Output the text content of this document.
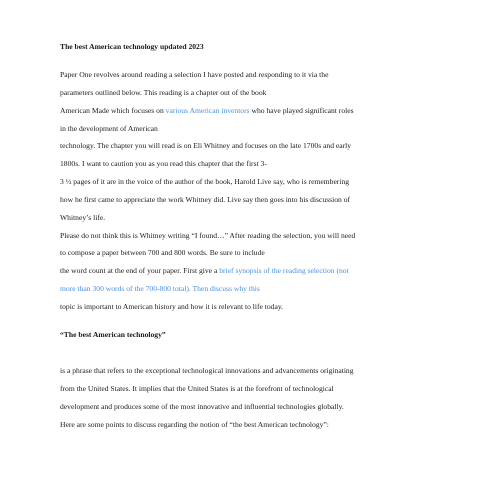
The best American technology updated 2023
Paper One revolves around reading a selection I have posted and responding to it via the
parameters outlined below. This reading is a chapter out of the book
American Made which focuses on various American inventors who have played significant roles
in the development of American
technology. The chapter you will read is on Eli Whitney and focuses on the late 1700s and early
1800s. I want to caution you as you read this chapter that the first 3-
3 ½ pages of it are in the voice of the author of the book, Harold Live say, who is remembering
how he first came to appreciate the work Whitney did. Live say then goes into his discussion of
Whitney’s life.
Please do not think this is Whitney writing “I found…” After reading the selection, you will need
to compose a paper between 700 and 800 words. Be sure to include
the word count at the end of your paper. First give a brief synopsis of the reading selection (not
more than 300 words of the 700-800 total). Then discuss why this
topic is important to American history and how it is relevant to life today.
“The best American technology”
is a phrase that refers to the exceptional technological innovations and advancements originating
from the United States. It implies that the United States is at the forefront of technological
development and produces some of the most innovative and influential technologies globally.
Here are some points to discuss regarding the notion of “the best American technology”:
